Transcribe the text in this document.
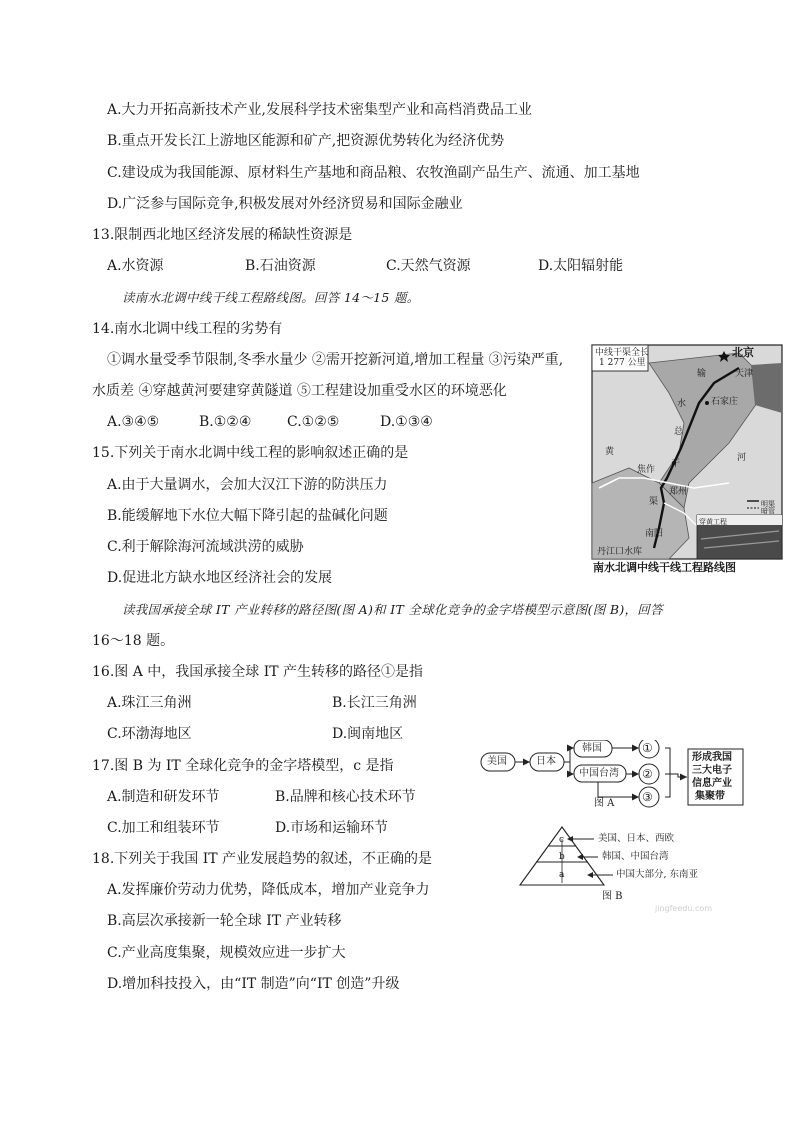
A.大力开拓高新技术产业,发展科学技术密集型产业和高档消费品工业
B.重点开发长江上游地区能源和矿产,把资源优势转化为经济优势
C.建设成为我国能源、原材料生产基地和商品粮、农牧渔副产品生产、流通、加工基地
D.广泛参与国际竞争,积极发展对外经济贸易和国际金融业
13.限制西北地区经济发展的稀缺性资源是
A.水资源	B.石油资源	C.天然气资源	D.太阳辐射能
读南水北调中线干线工程路线图。回答 14～15 题。
14.南水北调中线工程的劣势有
①调水量受季节限制,冬季水量少 ②需开挖新河道,增加工程量 ③污染严重,
水质差 ④穿越黄河要建穿黄隧道 ⑤工程建设加重受水区的环境恶化
A.③④⑤	B.①②④	C.①②⑤	D.①③④
15.下列关于南水北调中线工程的影响叙述正确的是
A.由于大量调水，会加大汉江下游的防洪压力
B.能缓解地下水位大幅下降引起的盐碱化问题
C.利于解除海河流域洪涝的威胁
D.促进北方缺水地区经济社会的发展
中线干渠全长
1 277 公里
北京
天津
输
石家庄
水
总
干
渠
黄
河
焦作
郑州
南阳
丹江口水库
明渠
暗管
穿黄工程
南水北调中线干线工程路线图
读我国承接全球 IT 产业转移的路径图(图 A)和 IT 全球化竞争的金字塔模型示意图(图 B)，回答
16～18 题。
16.图 A 中，我国承接全球 IT 产生转移的路径①是指
A.珠江三角洲	B.长江三角洲
C.环渤海地区	D.闽南地区
17.图 B 为 IT 全球化竞争的金字塔模型，c 是指
A.制造和研发环节	B.品牌和核心技术环节
C.加工和组装环节	D.市场和运输环节
18.下列关于我国 IT 产业发展趋势的叙述，不正确的是
A.发挥廉价劳动力优势，降低成本，增加产业竞争力
B.高层次承接新一轮全球 IT 产业转移
C.产业高度集聚，规模效应进一步扩大
D.增加科技投入，由“IT 制造”向“IT 创造”升级
美国	日本
韩国
中国台湾
①
②
③
形成我国
三大电子
信息产业
集聚带
图 A
c
b
a
美国、日本、西欧
韩国、中国台湾
中国大部分, 东南亚
图 B
jingfeedu.com
